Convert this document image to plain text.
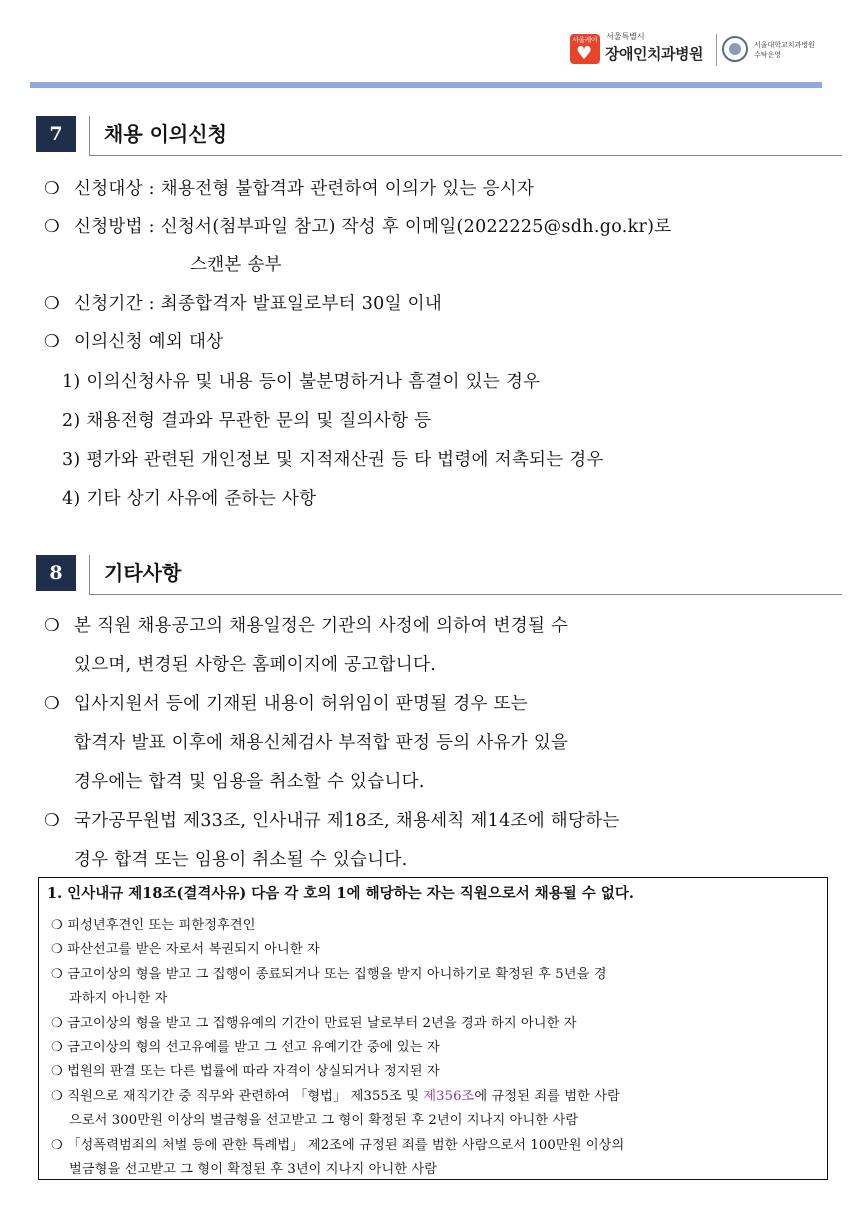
서울케어
♥
서울특별시
장애인치과병원	서울대학교치과병원
수탁운영
7	채용 이의신청
❍ 신청대상 : 채용전형 불합격과 관련하여 이의가 있는 응시자
❍ 신청방법 : 신청서(첨부파일 참고) 작성 후 이메일(2022225@sdh.go.kr)로
스캔본 송부
❍ 신청기간 : 최종합격자 발표일로부터 30일 이내
❍ 이의신청 예외 대상
1) 이의신청사유 및 내용 등이 불분명하거나 흠결이 있는 경우
2) 채용전형 결과와 무관한 문의 및 질의사항 등
3) 평가와 관련된 개인정보 및 지적재산권 등 타 법령에 저촉되는 경우
4) 기타 상기 사유에 준하는 사항
8	기타사항
❍ 본 직원 채용공고의 채용일정은 기관의 사정에 의하여 변경될 수
있으며, 변경된 사항은 홈페이지에 공고합니다.
❍ 입사지원서 등에 기재된 내용이 허위임이 판명될 경우 또는
합격자 발표 이후에 채용신체검사 부적합 판정 등의 사유가 있을
경우에는 합격 및 임용을 취소할 수 있습니다.
❍ 국가공무원법 제33조, 인사내규 제18조, 채용세칙 제14조에 해당하는
경우 합격 또는 임용이 취소될 수 있습니다.
1. 인사내규 제18조(결격사유) 다음 각 호의 1에 해당하는 자는 직원으로서 채용될 수 없다.
❍ 피성년후견인 또는 피한정후견인
❍ 파산선고를 받은 자로서 복권되지 아니한 자
❍ 금고이상의 형을 받고 그 집행이 종료되거나 또는 집행을 받지 아니하기로 확정된 후 5년을 경
과하지 아니한 자
❍ 금고이상의 형을 받고 그 집행유예의 기간이 만료된 날로부터 2년을 경과 하지 아니한 자
❍ 금고이상의 형의 선고유예를 받고 그 선고 유예기간 중에 있는 자
❍ 법원의 판결 또는 다른 법률에 따라 자격이 상실되거나 정지된 자
❍ 직원으로 재직기간 중 직무와 관련하여 「형법」 제355조 및 제356조에 규정된 죄를 범한 사람
으로서 300만원 이상의 벌금형을 선고받고 그 형이 확정된 후 2년이 지나지 아니한 사람
❍ 「성폭력범죄의 처벌 등에 관한 특례법」 제2조에 규정된 죄를 범한 사람으로서 100만원 이상의
벌금형을 선고받고 그 형이 확정된 후 3년이 지나지 아니한 사람
